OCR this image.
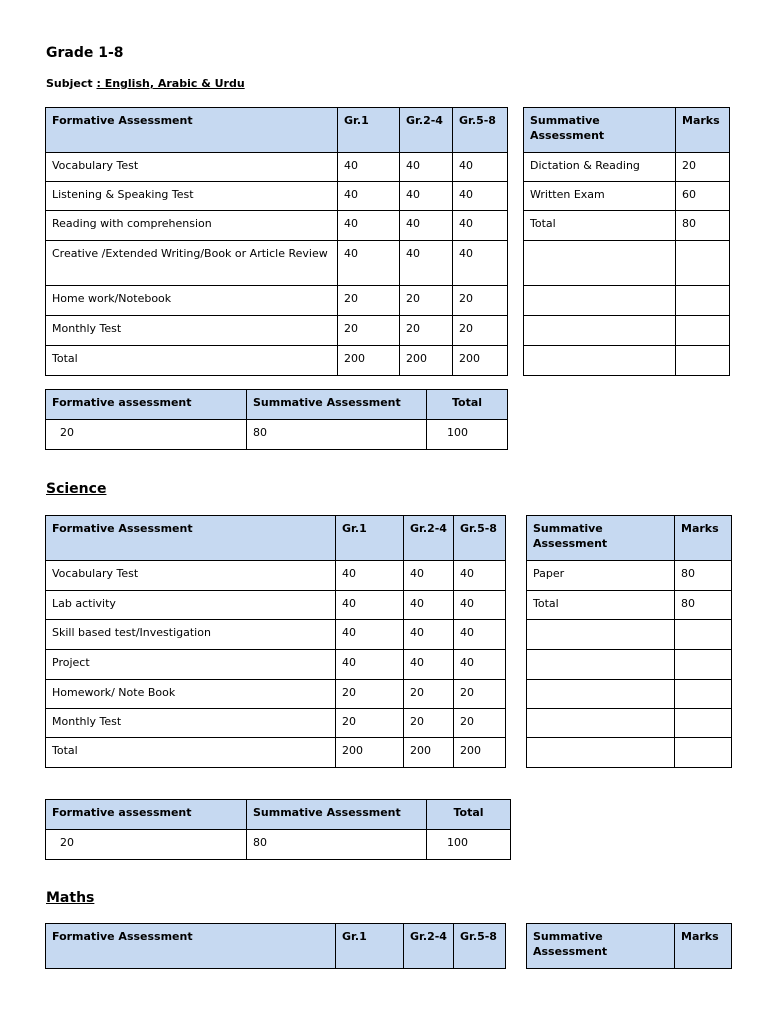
Grade 1-8
Subject : English, Arabic & Urdu
Formative Assessment	Gr.1	Gr.2-4	Gr.5-8
Vocabulary Test	40	40	40
Listening & Speaking Test	40	40	40
Reading with comprehension	40	40	40
Creative /Extended Writing/Book or Article Review	40	40	40
Home work/Notebook	20	20	20
Monthly Test	20	20	20
Total	200	200	200
Summative Assessment	Marks
Dictation & Reading	20
Written Exam	60
Total	80

Formative assessment	Summative Assessment	Total
20	80	100
Science
Formative Assessment	Gr.1	Gr.2-4	Gr.5-8
Vocabulary Test	40	40	40
Lab activity	40	40	40
Skill based test/Investigation	40	40	40
Project	40	40	40
Homework/ Note Book	20	20	20
Monthly Test	20	20	20
Total	200	200	200
Summative Assessment	Marks
Paper	80
Total	80

Formative assessment	Summative Assessment	Total
20	80	100
Maths
Formative Assessment	Gr.1	Gr.2-4	Gr.5-8	Summative Assessment	Marks
